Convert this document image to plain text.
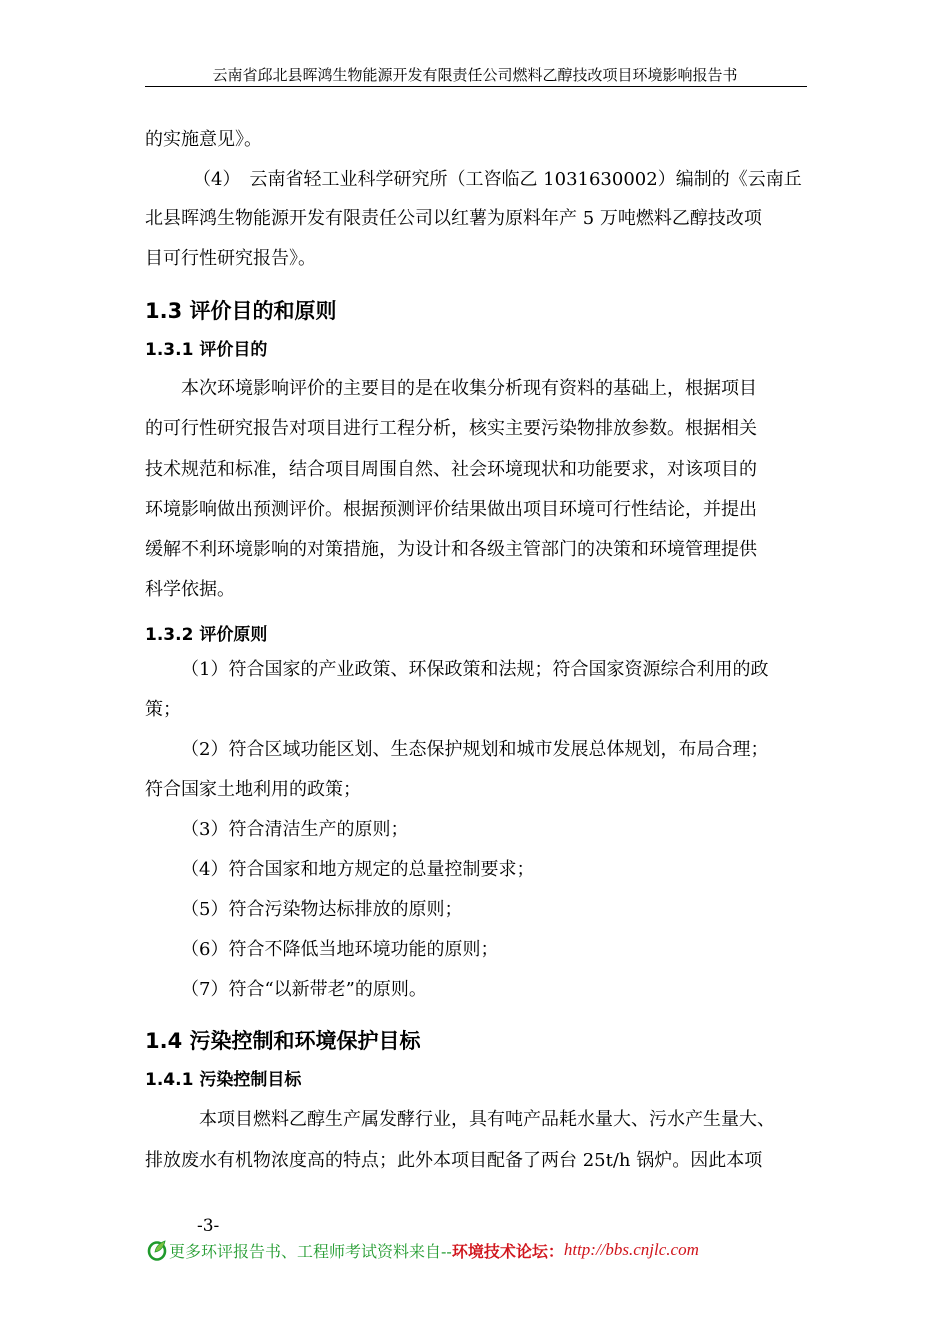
云南省邱北县晖鸿生物能源开发有限责任公司燃料乙醇技改项目环境影响报告书
的实施意见》。
（4）　云南省轻工业科学研究所（工咨临乙 1031630002）编制的《云南丘
北县晖鸿生物能源开发有限责任公司以红薯为原料年产 5 万吨燃料乙醇技改项
目可行性研究报告》。
1.3 评价目的和原则
1.3.1 评价目的
本次环境影响评价的主要目的是在收集分析现有资料的基础上，根据项目
的可行性研究报告对项目进行工程分析，核实主要污染物排放参数。根据相关
技术规范和标准，结合项目周围自然、社会环境现状和功能要求，对该项目的
环境影响做出预测评价。根据预测评价结果做出项目环境可行性结论，并提出
缓解不利环境影响的对策措施，为设计和各级主管部门的决策和环境管理提供
科学依据。
1.3.2 评价原则
（1）符合国家的产业政策、环保政策和法规；符合国家资源综合利用的政
策；
（2）符合区域功能区划、生态保护规划和城市发展总体规划，布局合理；
符合国家土地利用的政策；
（3）符合清洁生产的原则；
（4）符合国家和地方规定的总量控制要求；
（5）符合污染物达标排放的原则；
（6）符合不降低当地环境功能的原则；
（7）符合“以新带老”的原则。
1.4 污染控制和环境保护目标
1.4.1 污染控制目标
本项目燃料乙醇生产属发酵行业，具有吨产品耗水量大、污水产生量大、
排放废水有机物浓度高的特点；此外本项目配备了两台 25t/h 锅炉。因此本项
-3-
更多环评报告书、工程师考试资料来自-- 环境技术论坛： http://bbs.cnjlc.com
